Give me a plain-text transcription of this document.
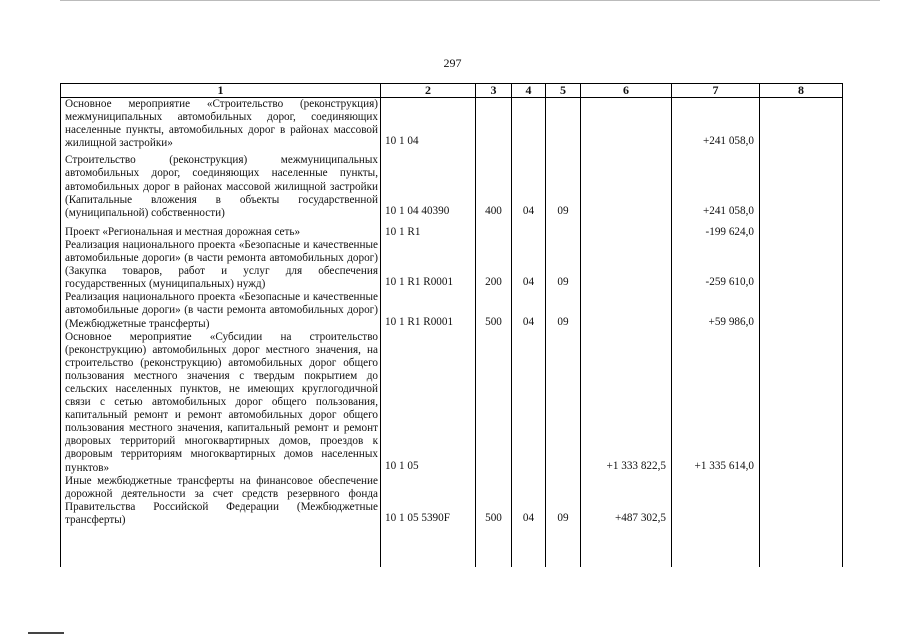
297
1	2	3	4	5	6	7	8
Основное мероприятие «Строительство (реконструкция) межмуниципальных автомобильных дорог, соединяющих населенные пункты, автомобильных дорог в районах массовой жилищной застройки»	10 1 04					+241 058,0	
Строительство (реконструкция) межмуниципальных автомобильных дорог, соединяющих населенные пункты, автомобильных дорог в районах массовой жилищной застройки (Капитальные вложения в объекты государственной (муниципальной) собственности)	10 1 04 40390	400	04	09		+241 058,0	
Проект «Региональная и местная дорожная сеть»	10 1 R1					-199 624,0	
Реализация национального проекта «Безопасные и качественные автомобильные дороги» (в части ремонта автомобильных дорог) (Закупка товаров, работ и услуг для обеспечения государственных (муниципальных) нужд)	10 1 R1 R0001	200	04	09		-259 610,0	
Реализация национального проекта «Безопасные и качественные автомобильные дороги» (в части ремонта автомобильных дорог) (Межбюджетные трансферты)	10 1 R1 R0001	500	04	09		+59 986,0	
Основное мероприятие «Субсидии на строительство (реконструкцию) автомобильных дорог местного значения, на строительство (реконструкцию) автомобильных дорог общего пользования местного значения с твердым покрытием до сельских населенных пунктов, не имеющих круглогодичной связи с сетью автомобильных дорог общего пользования, капитальный ремонт и ремонт автомобильных дорог общего пользования местного значения, капитальный ремонт и ремонт дворовых территорий многоквартирных домов, проездов к дворовым территориям многоквартирных домов населенных пунктов»	10 1 05				+1 333 822,5	+1 335 614,0	
Иные межбюджетные трансферты на финансовое обеспечение дорожной деятельности за счет средств резервного фонда Правительства Российской Федерации (Межбюджетные трансферты)	10 1 05 5390F	500	04	09	+487 302,5		
